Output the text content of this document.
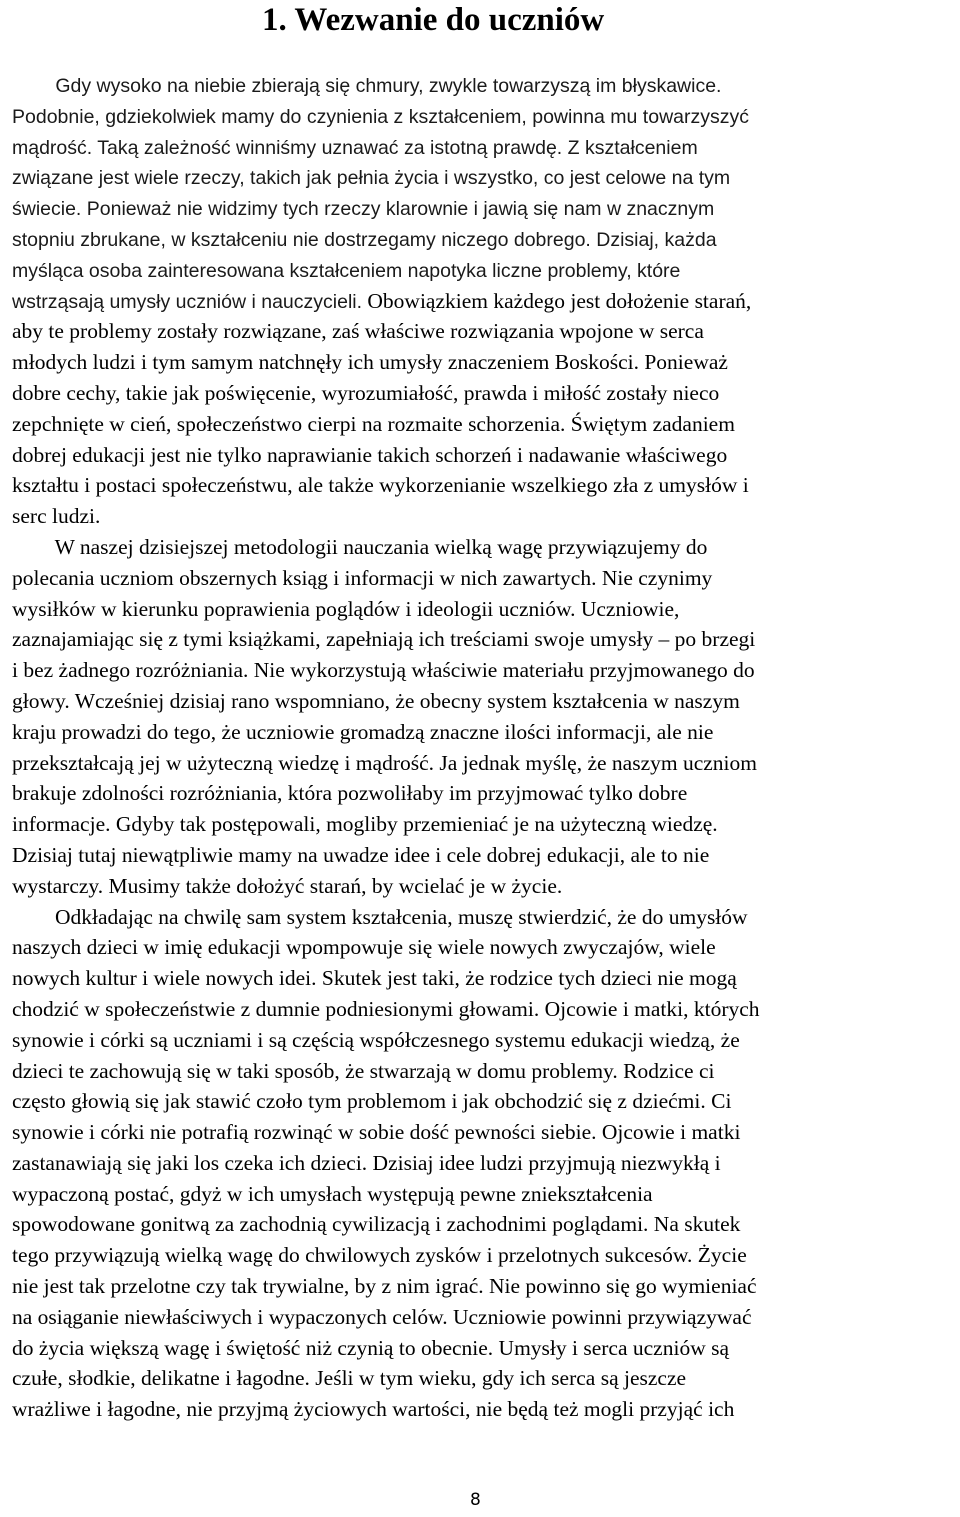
1. Wezwanie do uczniów
Gdy wysoko na niebie zbierają się chmury, zwykle towarzyszą im błyskawice.
Podobnie, gdziekolwiek mamy do czynienia z kształceniem, powinna mu towarzyszyć
mądrość. Taką zależność winniśmy uznawać za istotną prawdę. Z kształceniem
związane jest wiele rzeczy, takich jak pełnia życia i wszystko, co jest celowe na tym
świecie. Ponieważ nie widzimy tych rzeczy klarownie i jawią się nam w znacznym
stopniu zbrukane, w kształceniu nie dostrzegamy niczego dobrego. Dzisiaj, każda
myśląca osoba zainteresowana kształceniem napotyka liczne problemy, które
wstrząsają umysły uczniów i nauczycieli. Obowiązkiem każdego jest dołożenie starań,
aby te problemy zostały rozwiązane, zaś właściwe rozwiązania wpojone w serca
młodych ludzi i tym samym natchnęły ich umysły znaczeniem Boskości. Ponieważ
dobre cechy, takie jak poświęcenie, wyrozumiałość, prawda i miłość zostały nieco
zepchnięte w cień, społeczeństwo cierpi na rozmaite schorzenia. Świętym zadaniem
dobrej edukacji jest nie tylko naprawianie takich schorzeń i nadawanie właściwego
kształtu i postaci społeczeństwu, ale także wykorzenianie wszelkiego zła z umysłów i
serc ludzi.
W naszej dzisiejszej metodologii nauczania wielką wagę przywiązujemy do
polecania uczniom obszernych ksiąg i informacji w nich zawartych. Nie czynimy
wysiłków w kierunku poprawienia poglądów i ideologii uczniów. Uczniowie,
zaznajamiając się z tymi książkami, zapełniają ich treściami swoje umysły – po brzegi
i bez żadnego rozróżniania. Nie wykorzystują właściwie materiału przyjmowanego do
głowy. Wcześniej dzisiaj rano wspomniano, że obecny system kształcenia w naszym
kraju prowadzi do tego, że uczniowie gromadzą znaczne ilości informacji, ale nie
przekształcają jej w użyteczną wiedzę i mądrość. Ja jednak myślę, że naszym uczniom
brakuje zdolności rozróżniania, która pozwoliłaby im przyjmować tylko dobre
informacje. Gdyby tak postępowali, mogliby przemieniać je na użyteczną wiedzę.
Dzisiaj tutaj niewątpliwie mamy na uwadze idee i cele dobrej edukacji, ale to nie
wystarczy. Musimy także dołożyć starań, by wcielać je w życie.
Odkładając na chwilę sam system kształcenia, muszę stwierdzić, że do umysłów
naszych dzieci w imię edukacji wpompowuje się wiele nowych zwyczajów, wiele
nowych kultur i wiele nowych idei. Skutek jest taki, że rodzice tych dzieci nie mogą
chodzić w społeczeństwie z dumnie podniesionymi głowami. Ojcowie i matki, których
synowie i córki są uczniami i są częścią współczesnego systemu edukacji wiedzą, że
dzieci te zachowują się w taki sposób, że stwarzają w domu problemy. Rodzice ci
często głowią się jak stawić czoło tym problemom i jak obchodzić się z dziećmi. Ci
synowie i córki nie potrafią rozwinąć w sobie dość pewności siebie. Ojcowie i matki
zastanawiają się jaki los czeka ich dzieci. Dzisiaj idee ludzi przyjmują niezwykłą i
wypaczoną postać, gdyż w ich umysłach występują pewne zniekształcenia
spowodowane gonitwą za zachodnią cywilizacją i zachodnimi poglądami. Na skutek
tego przywiązują wielką wagę do chwilowych zysków i przelotnych sukcesów. Życie
nie jest tak przelotne czy tak trywialne, by z nim igrać. Nie powinno się go wymieniać
na osiąganie niewłaściwych i wypaczonych celów. Uczniowie powinni przywiązywać
do życia większą wagę i świętość niż czynią to obecnie. Umysły i serca uczniów są
czułe, słodkie, delikatne i łagodne. Jeśli w tym wieku, gdy ich serca są jeszcze
wrażliwe i łagodne, nie przyjmą życiowych wartości, nie będą też mogli przyjąć ich
8
